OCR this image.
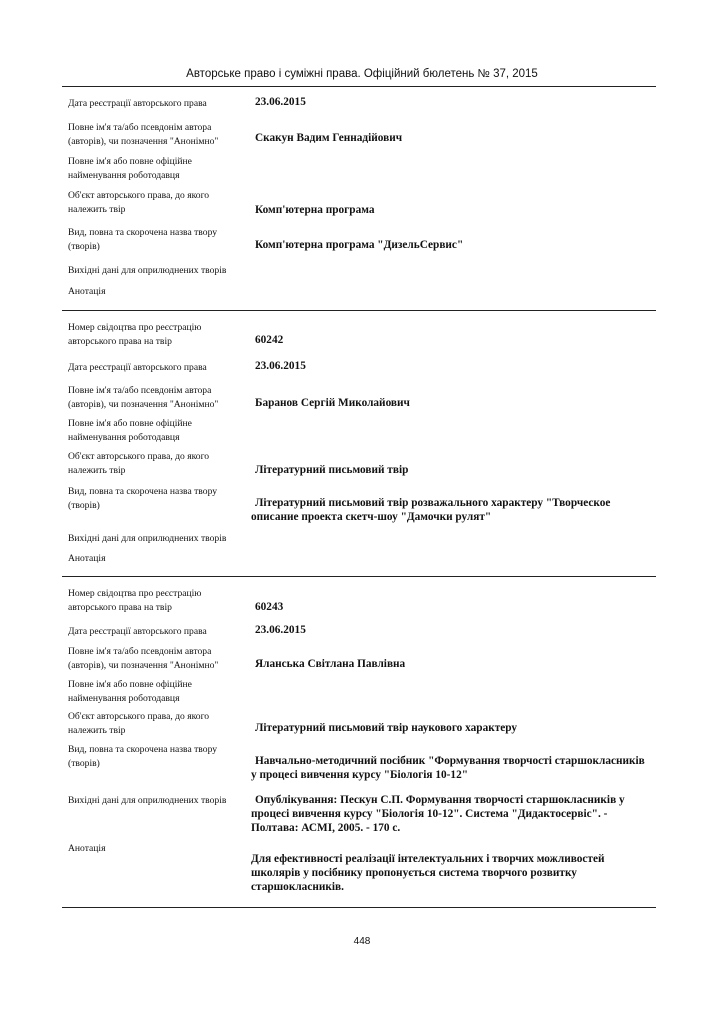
Авторське право і суміжні права. Офіційний бюлетень № 37, 2015
Дата реєстрації авторського права	23.06.2015
Повне ім'я та/або псевдонім автора (авторів), чи позначення "Анонімно"	Скакун Вадим Геннадійович
Повне ім'я або повне офіційне найменування роботодавця
Об'єкт авторського права, до якого належить твір	Комп'ютерна програма
Вид, повна та скорочена назва твору (творів)	Комп'ютерна програма "ДизельСервис"
Вихідні дані для оприлюднених творів
Анотація
Номер свідоцтва про реєстрацію авторського права на твір	60242
Дата реєстрації авторського права	23.06.2015
Повне ім'я та/або псевдонім автора (авторів), чи позначення "Анонімно"	Баранов Сергій Миколайович
Повне ім'я або повне офіційне найменування роботодавця
Об'єкт авторського права, до якого належить твір	Літературний письмовий твір
Вид, повна та скорочена назва твору (творів)	Літературний письмовий твір розважального характеру "Творческое описание проекта скетч-шоу "Дамочки рулят"
Вихідні дані для оприлюднених творів
Анотація
Номер свідоцтва про реєстрацію авторського права на твір	60243
Дата реєстрації авторського права	23.06.2015
Повне ім'я та/або псевдонім автора (авторів), чи позначення "Анонімно"	Яланська Світлана Павлівна
Повне ім'я або повне офіційне найменування роботодавця
Об'єкт авторського права, до якого належить твір	Літературний письмовий твір наукового характеру
Вид, повна та скорочена назва твору (творів)	Навчально-методичний посібник "Формування творчості старшокласників у процесі вивчення курсу "Біологія 10-12"
Вихідні дані для оприлюднених творів	Опублікування: Пескун С.П. Формування творчості старшокласників у процесі вивчення курсу "Біологія 10-12". Система "Дидактосервіс". - Полтава: АСМІ, 2005. - 170 с.
Анотація
Для ефективності реалізації інтелектуальних і творчих можливостей школярів у посібнику пропонується система творчого розвитку старшокласників.
448
